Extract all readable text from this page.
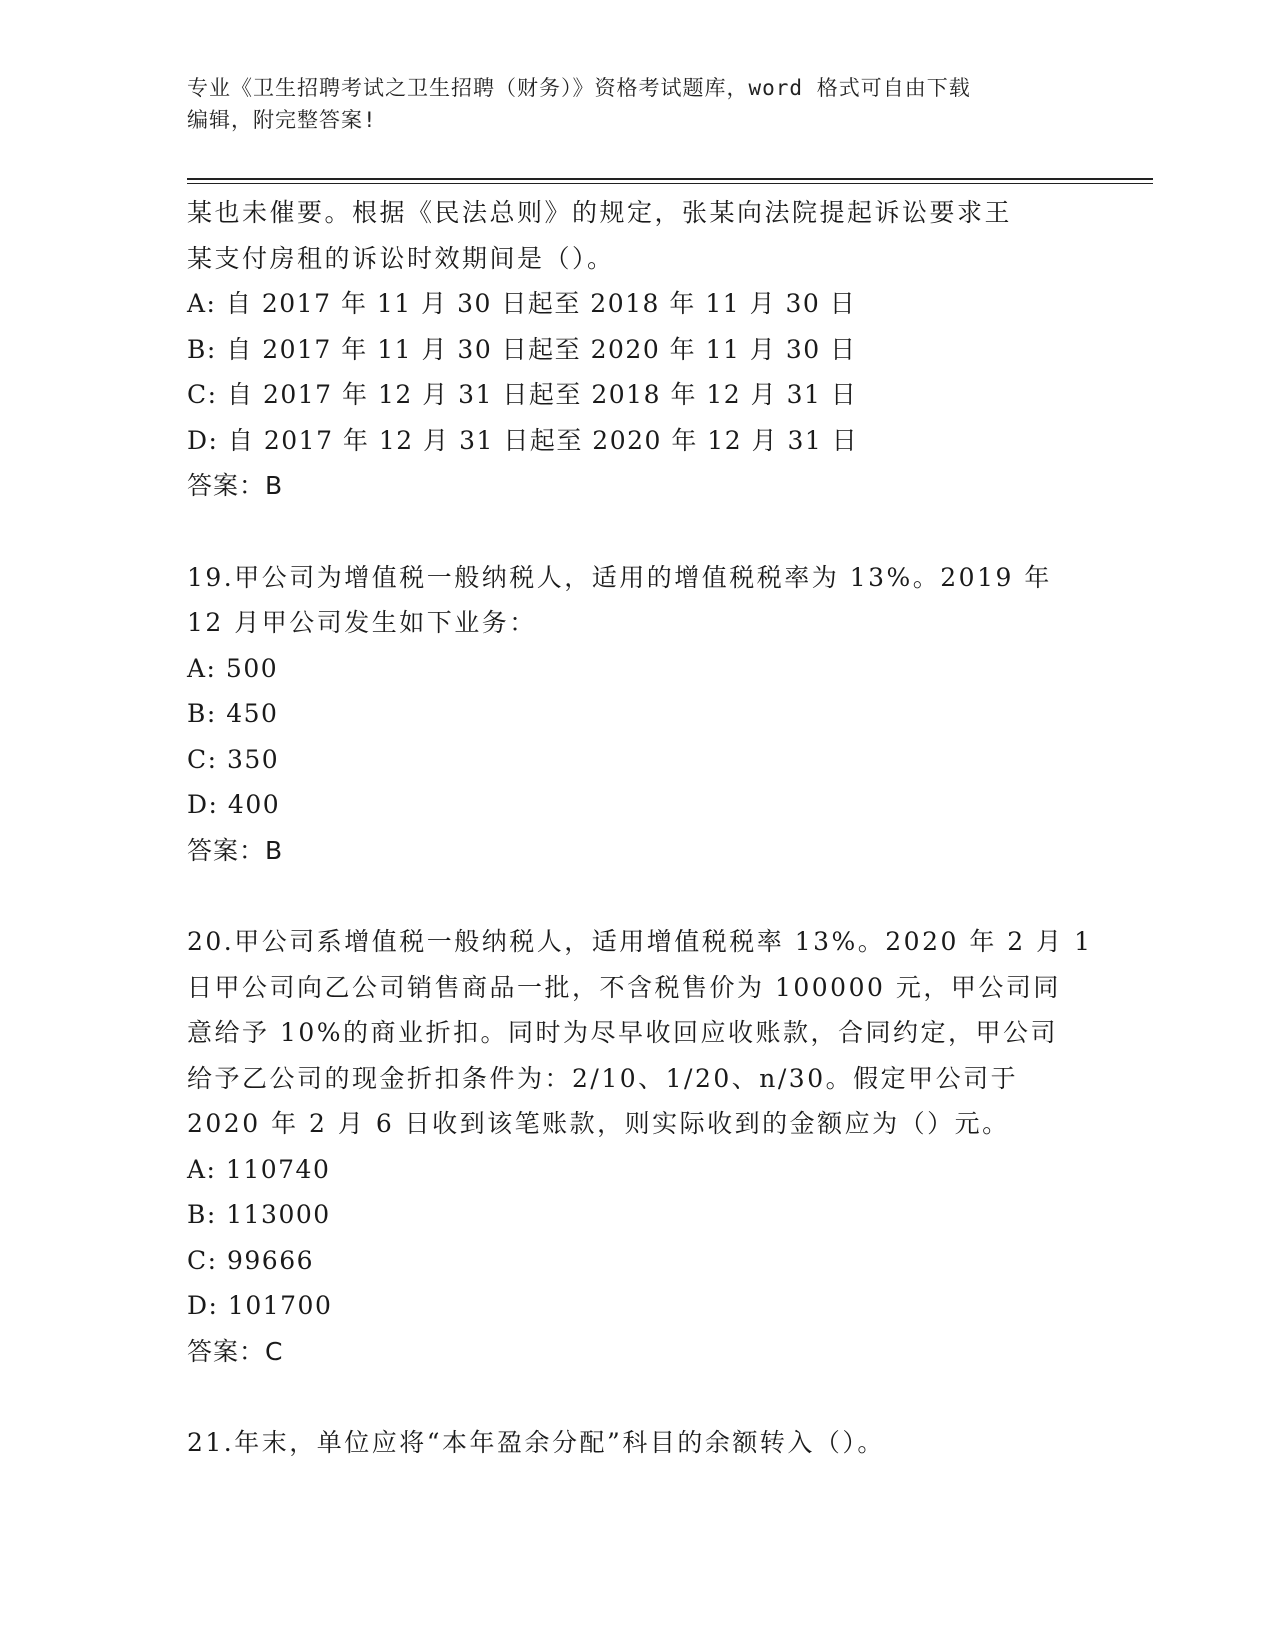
专业《卫生招聘考试之卫生招聘（财务）》资格考试题库，word 格式可自由下载
编辑，附完整答案!
某也未催要。根据《民法总则》的规定，张某向法院提起诉讼要求王
某支付房租的诉讼时效期间是（）。
A: 自 2017 年 11 月 30 日起至 2018 年 11 月 30 日
B: 自 2017 年 11 月 30 日起至 2020 年 11 月 30 日
C: 自 2017 年 12 月 31 日起至 2018 年 12 月 31 日
D: 自 2017 年 12 月 31 日起至 2020 年 12 月 31 日
答案：B
19.甲公司为增值税一般纳税人，适用的增值税税率为 13%。2019 年
12 月甲公司发生如下业务：
A: 500
B: 450
C: 350
D: 400
答案：B
20.甲公司系增值税一般纳税人，适用增值税税率 13%。2020 年 2 月 1
日甲公司向乙公司销售商品一批，不含税售价为 100000 元，甲公司同
意给予 10%的商业折扣。同时为尽早收回应收账款，合同约定，甲公司
给予乙公司的现金折扣条件为：2/10、1/20、n/30。假定甲公司于
2020 年 2 月 6 日收到该笔账款，则实际收到的金额应为（）元。
A: 110740
B: 113000
C: 99666
D: 101700
答案：C
21.年末，单位应将“本年盈余分配”科目的余额转入（）。
